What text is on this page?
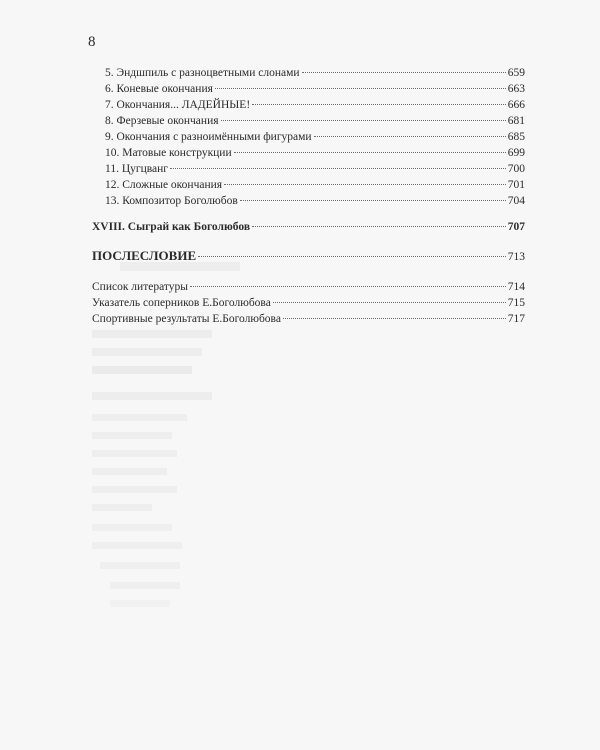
8
5. Эндшпиль с разноцветными слонами	659
6. Коневые окончания	663
7. Окончания... ЛАДЕЙНЫЕ!	666
8. Ферзевые окончания	681
9. Окончания с разноимёнными фигурами	685
10. Матовые конструкции	699
11. Цугцванг	700
12. Сложные окончания	701
13. Композитор Боголюбов	704
XVIII. Сыграй как Боголюбов	707
ПОСЛЕСЛОВИЕ	713
Список литературы	714
Указатель соперников Е.Боголюбова	715
Спортивные результаты Е.Боголюбова	717
